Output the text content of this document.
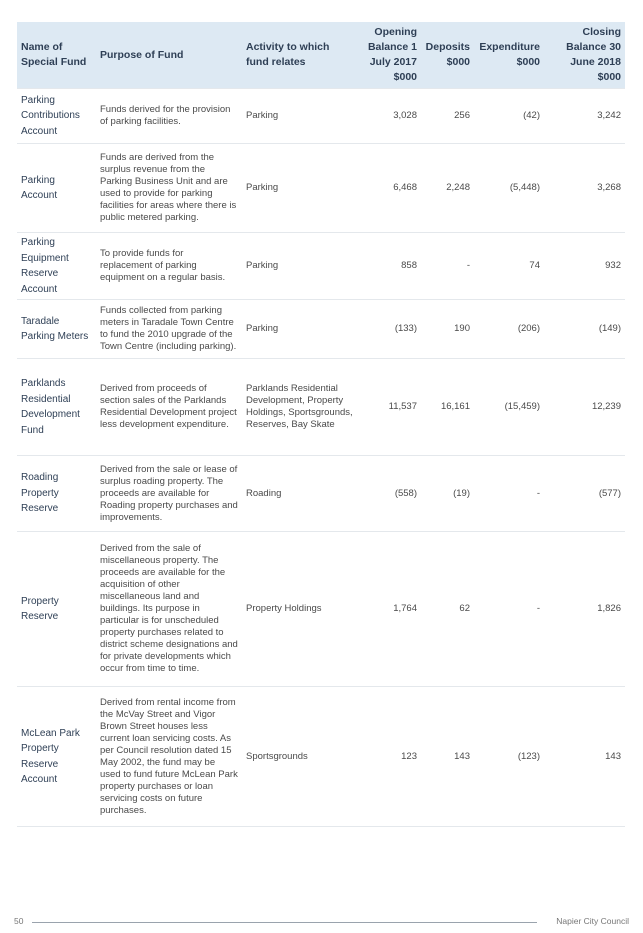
Name of Special Fund	Purpose of Fund	Activity to which fund relates	Opening Balance 1 July 2017 $000	Deposits $000	Expenditure $000	Closing Balance 30 June 2018 $000
Parking Contributions Account	Funds derived for the provision of parking facilities.	Parking	3,028	256	(42)	3,242
Parking Account	Funds are derived from the surplus revenue from the Parking Business Unit and are used to provide for parking facilities for areas where there is public metered parking.	Parking	6,468	2,248	(5,448)	3,268
Parking Equipment Reserve Account	To provide funds for replacement of parking equipment on a regular basis.	Parking	858	-	74	932
Taradale Parking Meters	Funds collected from parking meters in Taradale Town Centre to fund the 2010 upgrade of the Town Centre (including parking).	Parking	(133)	190	(206)	(149)
Parklands Residential Development Fund	Derived from proceeds of section sales of the Parklands Residential Development project less development expenditure.	Parklands Residential Development, Property Holdings, Sportsgrounds, Reserves, Bay Skate	11,537	16,161	(15,459)	12,239
Roading Property Reserve	Derived from the sale or lease of surplus roading property. The proceeds are available for Roading property purchases and improvements.	Roading	(558)	(19)	-	(577)
Property Reserve	Derived from the sale of miscellaneous property. The proceeds are available for the acquisition of other miscellaneous land and buildings. Its purpose in particular is for unscheduled property purchases related to district scheme designations and for private developments which occur from time to time.	Property Holdings	1,764	62	-	1,826
McLean Park Property Reserve Account	Derived from rental income from the McVay Street and Vigor Brown Street houses less current loan servicing costs. As per Council resolution dated 15 May 2002, the fund may be used to fund future McLean Park property purchases or loan servicing costs on future purchases.	Sportsgrounds	123	143	(123)	143
50	Napier City Council
